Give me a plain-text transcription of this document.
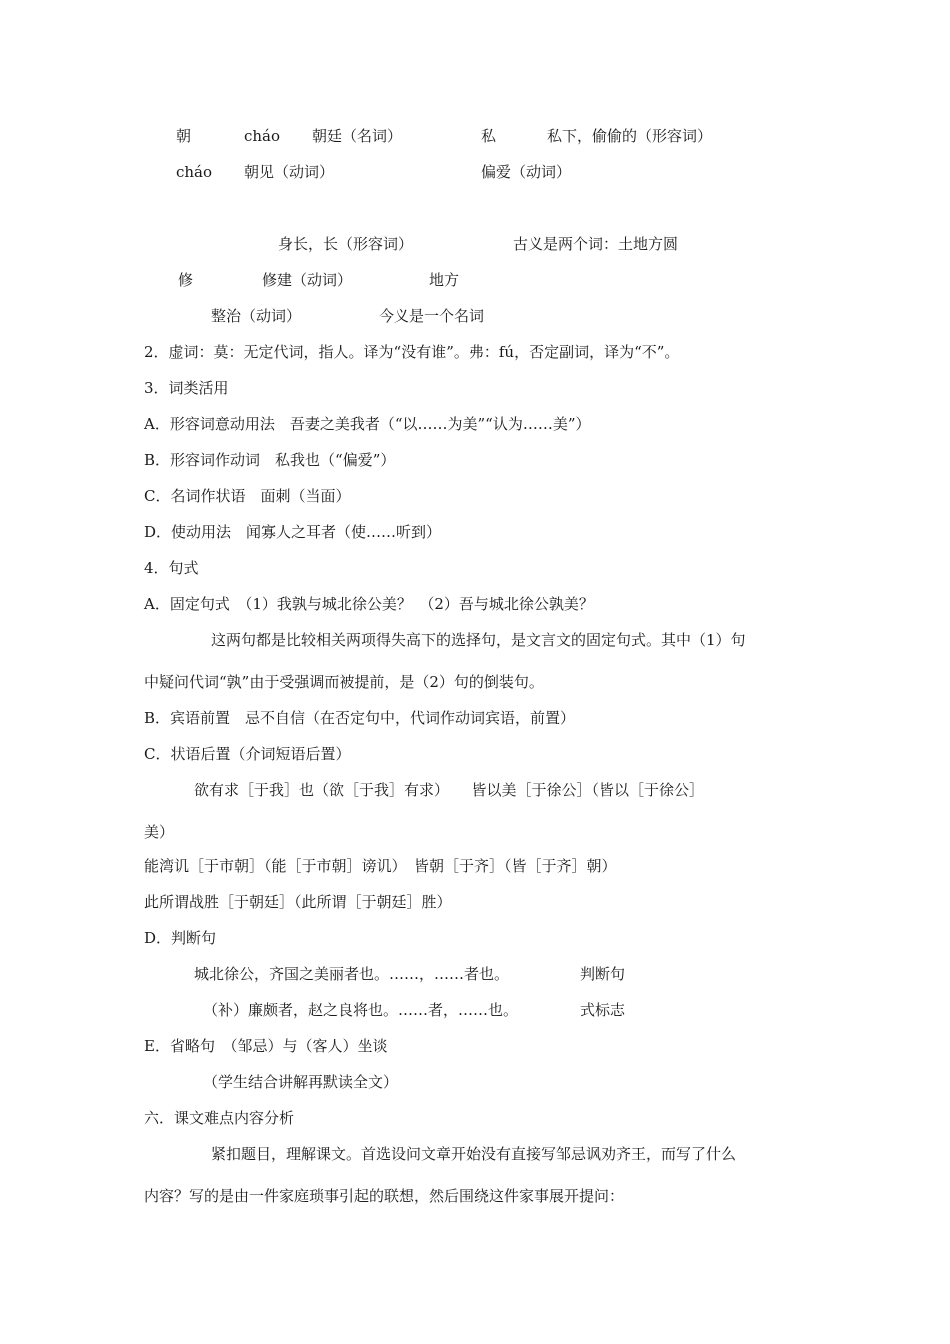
朝	cháo 朝廷（名词）	私	私下，偷偷的（形容词）
cháo 朝见（动词）	偏爱（动词）
身长，长（形容词）	古义是两个词：土地方圆
修	修建（动词）	地方
整治（动词）	今义是一个名词
2．虚词：莫：无定代词，指人。译为“没有谁”。弗：fú，否定副词，译为“不”。
3．词类活用
A．形容词意动用法　吾妻之美我者（“以……为美”“认为……美”）
B．形容词作动词　私我也（“偏爱”）
C．名词作状语　面刺（当面）
D．使动用法　闻寡人之耳者（使……听到）
4．句式
A．固定句式　（1）我孰与城北徐公美？　（2）吾与城北徐公孰美？
这两句都是比较相关两项得失高下的选择句，是文言文的固定句式。其中（1）句
中疑问代词“孰”由于受强调而被提前，是（2）句的倒装句。
B．宾语前置　忌不自信（在否定句中，代词作动词宾语，前置）
C．状语后置（介词短语后置）
欲有求［于我］也（欲［于我］有求）　　皆以美［于徐公］（皆以［于徐公］
美）
能湾讥［于市朝］（能［于市朝］谤讥）　皆朝［于齐］（皆［于齐］朝）
此所谓战胜［于朝廷］（此所谓［于朝廷］胜）
D．判断句
城北徐公，齐国之美丽者也。……，……者也。	判断句
（补）廉颇者，赵之良将也。……者，……也。	式标志
E．省略句　（邹忌）与（客人）坐谈
（学生结合讲解再默读全文）
六．课文难点内容分析
紧扣题目，理解课文。首选设问文章开始没有直接写邹忌讽劝齐王，而写了什么
内容？写的是由一件家庭琐事引起的联想，然后围绕这件家事展开提问：
